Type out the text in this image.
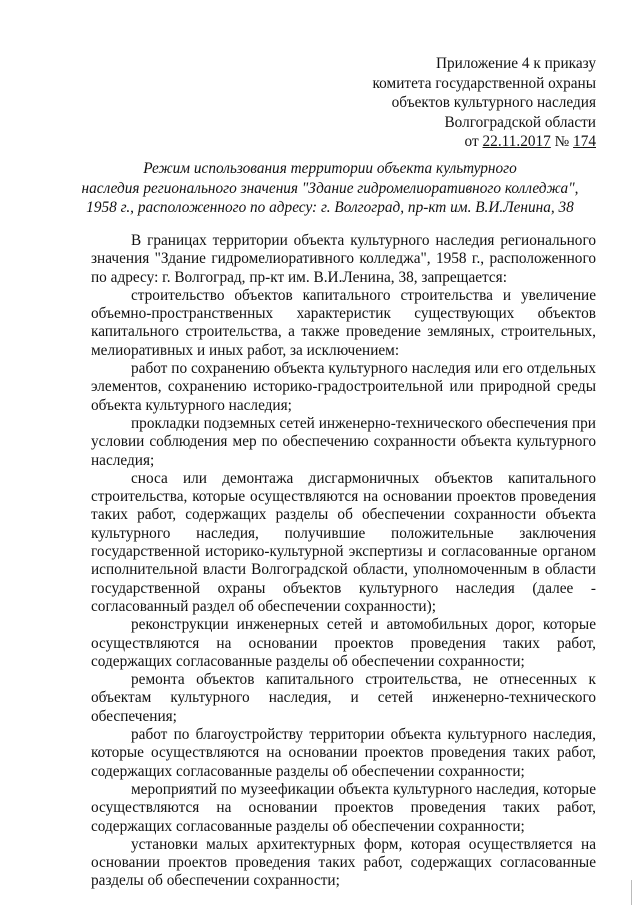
Приложение 4 к приказу
комитета государственной охраны
объектов культурного наследия
Волгоградской области
от 22.11.2017 № 174
Режим использования территории объекта культурного
наследия регионального значения "Здание гидромелиоративного колледжа",
1958 г., расположенного по адресу: г. Волгоград, пр-кт им. В.И.Ленина, 38

В границах территории объекта культурного наследия регионального значения "Здание гидромелиоративного колледжа", 1958 г., расположенного по адресу: г. Волгоград, пр-кт им. В.И.Ленина, 38, запрещается:

строительство объектов капитального строительства и увеличение объемно-пространственных характеристик существующих объектов капитального строительства, а также проведение земляных, строительных, мелиоративных и иных работ, за исключением:

работ по сохранению объекта культурного наследия или его отдельных элементов, сохранению историко-градостроительной или природной среды объекта культурного наследия;

прокладки подземных сетей инженерно-технического обеспечения при условии соблюдения мер по обеспечению сохранности объекта культурного наследия;

сноса или демонтажа дисгармоничных объектов капитального строительства, которые осуществляются на основании проектов проведения таких работ, содержащих разделы об обеспечении сохранности объекта культурного наследия, получившие положительные заключения государственной историко-культурной экспертизы и согласованные органом исполнительной власти Волгоградской области, уполномоченным в области государственной охраны объектов культурного наследия (далее - согласованный раздел об обеспечении сохранности);

реконструкции инженерных сетей и автомобильных дорог, которые осуществляются на основании проектов проведения таких работ, содержащих согласованные разделы об обеспечении сохранности;

ремонта объектов капитального строительства, не отнесенных к объектам культурного наследия, и сетей инженерно-технического обеспечения;

работ по благоустройству территории объекта культурного наследия, которые осуществляются на основании проектов проведения таких работ, содержащих согласованные разделы об обеспечении сохранности;

мероприятий по музеефикации объекта культурного наследия, которые осуществляются на основании проектов проведения таких работ, содержащих согласованные разделы об обеспечении сохранности;

установки малых архитектурных форм, которая осуществляется на основании проектов проведения таких работ, содержащих согласованные разделы об обеспечении сохранности;
